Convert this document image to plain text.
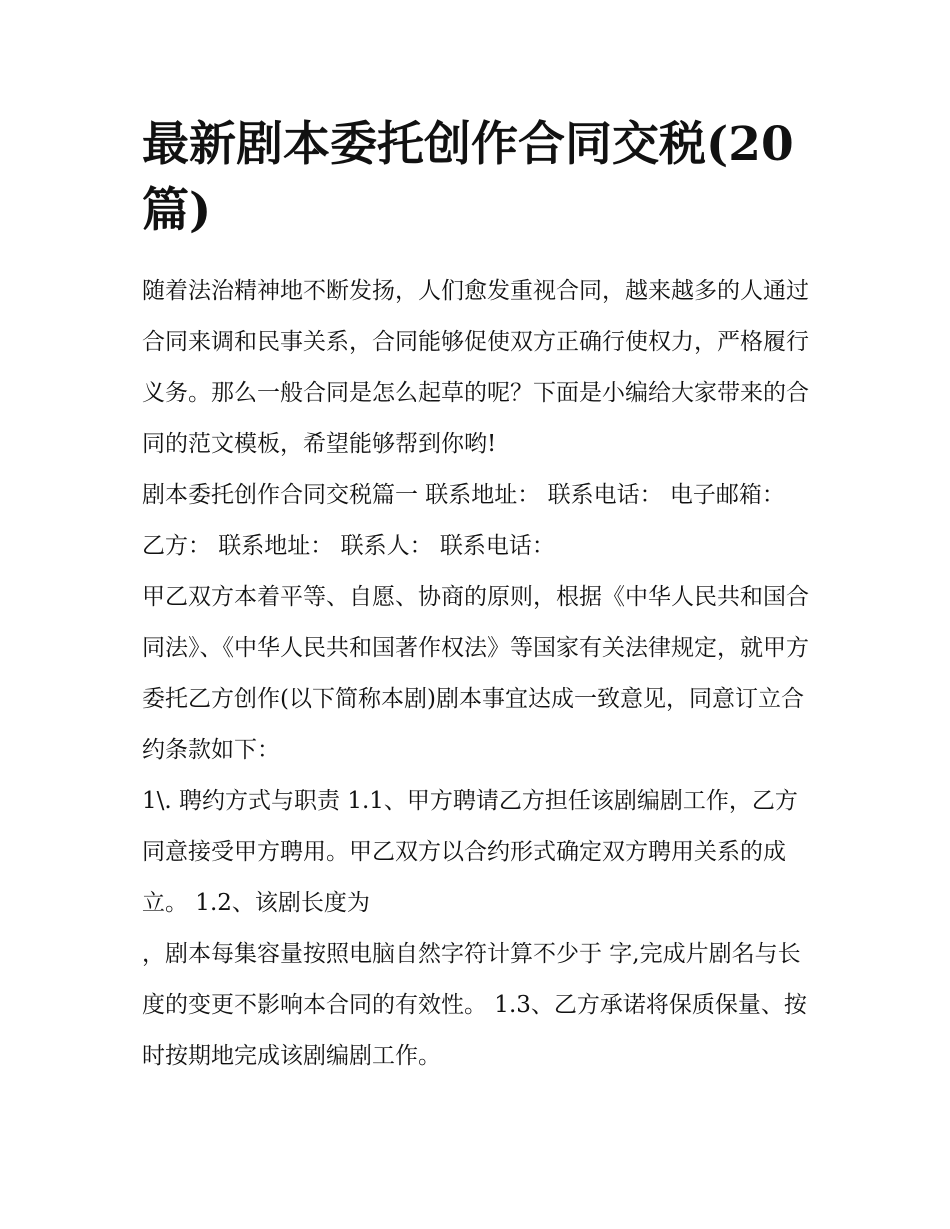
最新剧本委托创作合同交税(20篇)

随着法治精神地不断发扬，人们愈发重视合同，越来越多的人通过合同来调和民事关系，合同能够促使双方正确行使权力，严格履行义务。那么一般合同是怎么起草的呢？下面是小编给大家带来的合同的范文模板，希望能够帮到你哟!

剧本委托创作合同交税篇一 联系地址： 联系电话： 电子邮箱： 乙方： 联系地址： 联系人： 联系电话：

甲乙双方本着平等、自愿、协商的原则，根据《中华人民共和国合同法》、《中华人民共和国著作权法》等国家有关法律规定，就甲方委托乙方创作(以下简称本剧)剧本事宜达成一致意见，同意订立合约条款如下：

1\. 聘约方式与职责 1.1、甲方聘请乙方担任该剧编剧工作，乙方同意接受甲方聘用。甲乙双方以合约形式确定双方聘用关系的成立。 1.2、该剧长度为

，剧本每集容量按照电脑自然字符计算不少于 字,完成片剧名与长度的变更不影响本合同的有效性。 1.3、乙方承诺将保质保量、按时按期地完成该剧编剧工作。
